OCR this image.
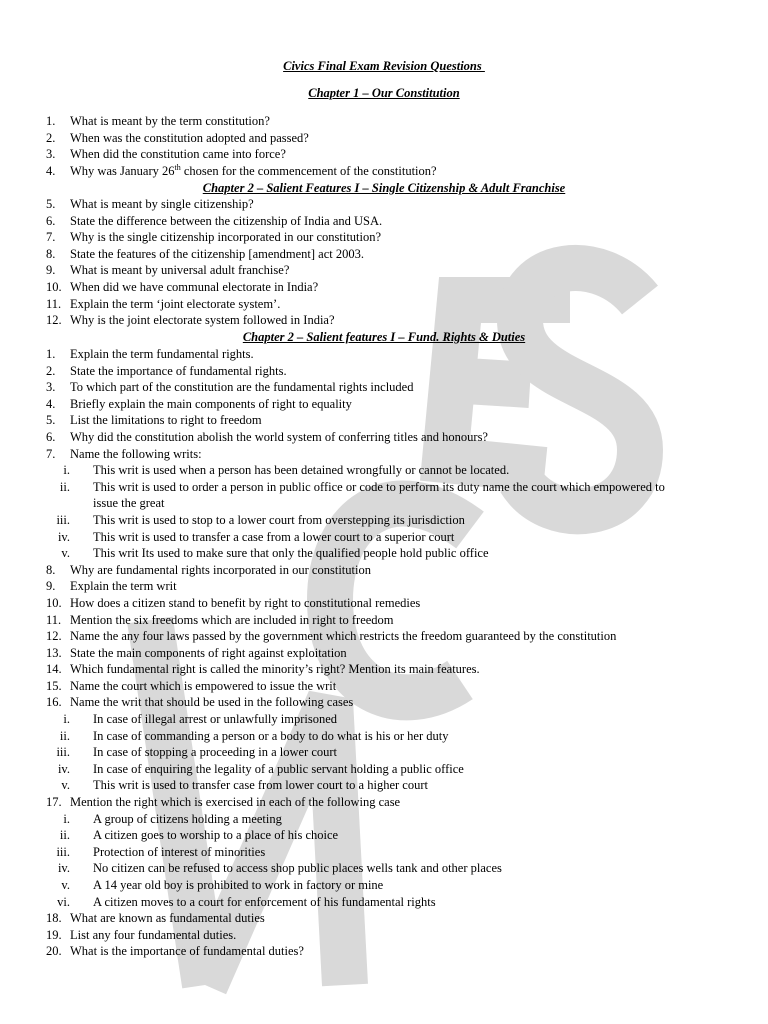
Civics Final Exam Revision Questions
Chapter 1 – Our Constitution
1. What is meant by the term constitution?
2. When was the constitution adopted and passed?
3. When did the constitution came into force?
4. Why was January 26th chosen for the commencement of the constitution?
Chapter 2 – Salient Features I – Single Citizenship & Adult Franchise
5. What is meant by single citizenship?
6. State the difference between the citizenship of India and USA.
7. Why is the single citizenship incorporated in our constitution?
8. State the features of the citizenship [amendment] act 2003.
9. What is meant by universal adult franchise?
10. When did we have communal electorate in India?
11. Explain the term ‘joint electorate system’.
12. Why is the joint electorate system followed in India?
Chapter 2 – Salient features I – Fund. Rights & Duties
1. Explain the term fundamental rights.
2. State the importance of fundamental rights.
3. To which part of the constitution are the fundamental rights included
4. Briefly explain the main components of right to equality
5. List the limitations to right to freedom
6. Why did the constitution abolish the world system of conferring titles and honours?
7. Name the following writs:
i. This writ is used when a person has been detained wrongfully or cannot be located.
ii. This writ is used to order a person in public office or code to perform its duty name the court which empowered to issue the great
iii. This writ is used to stop to a lower court from overstepping its jurisdiction
iv. This writ is used to transfer a case from a lower court to a superior court
v. This writ Its used to make sure that only the qualified people hold public office
8. Why are fundamental rights incorporated in our constitution
9. Explain the term writ
10. How does a citizen stand to benefit by right to constitutional remedies
11. Mention the six freedoms which are included in right to freedom
12. Name the any four laws passed by the government which restricts the freedom guaranteed by the constitution
13. State the main components of right against exploitation
14. Which fundamental right is called the minority’s right? Mention its main features.
15. Name the court which is empowered to issue the writ
16. Name the writ that should be used in the following cases
i. In case of illegal arrest or unlawfully imprisoned
ii. In case of commanding a person or a body to do what is his or her duty
iii. In case of stopping a proceeding in a lower court
iv. In case of enquiring the legality of a public servant holding a public office
v. This writ is used to transfer case from lower court to a higher court
17. Mention the right which is exercised in each of the following case
i. A group of citizens holding a meeting
ii. A citizen goes to worship to a place of his choice
iii. Protection of interest of minorities
iv. No citizen can be refused to access shop public places wells tank and other places
v. A 14 year old boy is prohibited to work in factory or mine
vi. A citizen moves to a court for enforcement of his fundamental rights
18. What are known as fundamental duties
19. List any four fundamental duties.
20. What is the importance of fundamental duties?
